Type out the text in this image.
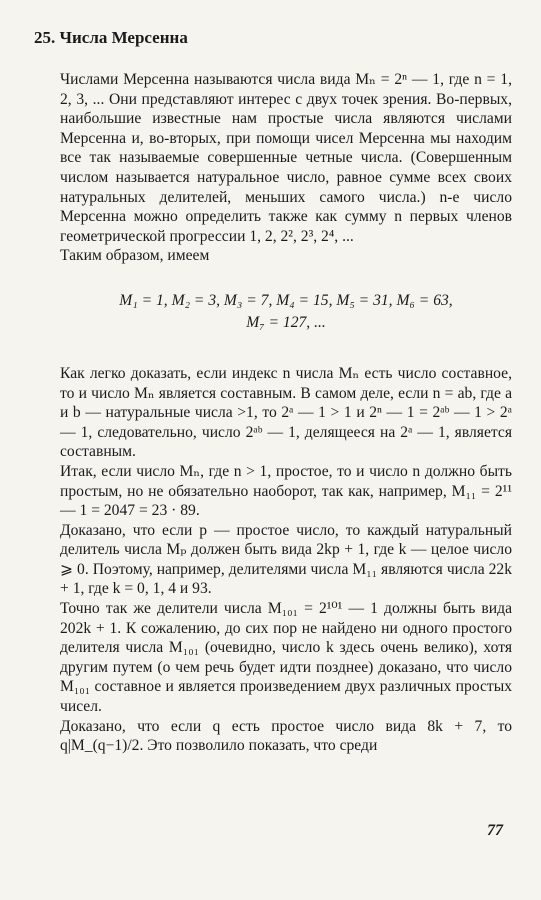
25. Числа Мерсенна

Числами Мерсенна называются числа вида Mₙ = 2ⁿ — 1, где n = 1, 2, 3, ... Они представляют интерес с двух точек зрения. Во-первых, наибольшие известные нам простые числа являются числами Мерсенна и, во-вторых, при помощи чисел Мерсенна мы находим все так называемые совершенные четные числа. (Совершенным числом называется натуральное число, равное сумме всех своих натуральных делителей, меньших самого числа.) n-е число Мерсенна можно определить также как сумму n первых членов геометрической прогрессии 1, 2, 2², 2³, 2⁴, ...

Таким образом, имеем

M₁ = 1, M₂ = 3, M₃ = 7, M₄ = 15, M₅ = 31, M₆ = 63,
M₇ = 127, ...

Как легко доказать, если индекс n числа Mₙ есть число составное, то и число Mₙ является составным. В самом деле, если n = ab, где a и b — натуральные числа >1, то 2ᵃ — 1 > 1 и 2ⁿ — 1 = 2ᵃᵇ — 1 > 2ᵃ — 1, следовательно, число 2ᵃᵇ — 1, делящееся на 2ᵃ — 1, является составным.

Итак, если число Mₙ, где n > 1, простое, то и число n должно быть простым, но не обязательно наоборот, так как, например, M₁₁ = 2¹¹ — 1 = 2047 = 23 · 89.

Доказано, что если p — простое число, то каждый натуральный делитель числа Mₚ должен быть вида 2kp + 1, где k — целое число ⩾ 0. Поэтому, например, делителями числа M₁₁ являются числа 22k + 1, где k = 0, 1, 4 и 93.

Точно так же делители числа M₁₀₁ = 2¹⁰¹ — 1 должны быть вида 202k + 1. К сожалению, до сих пор не найдено ни одного простого делителя числа M₁₀₁ (очевидно, число k здесь очень велико), хотя другим путем (о чем речь будет идти позднее) доказано, что число M₁₀₁ составное и является произведением двух различных простых чисел.

Доказано, что если q есть простое число вида 8k + 7, то q|M_(q−1)/2. Это позволило показать, что среди

77
